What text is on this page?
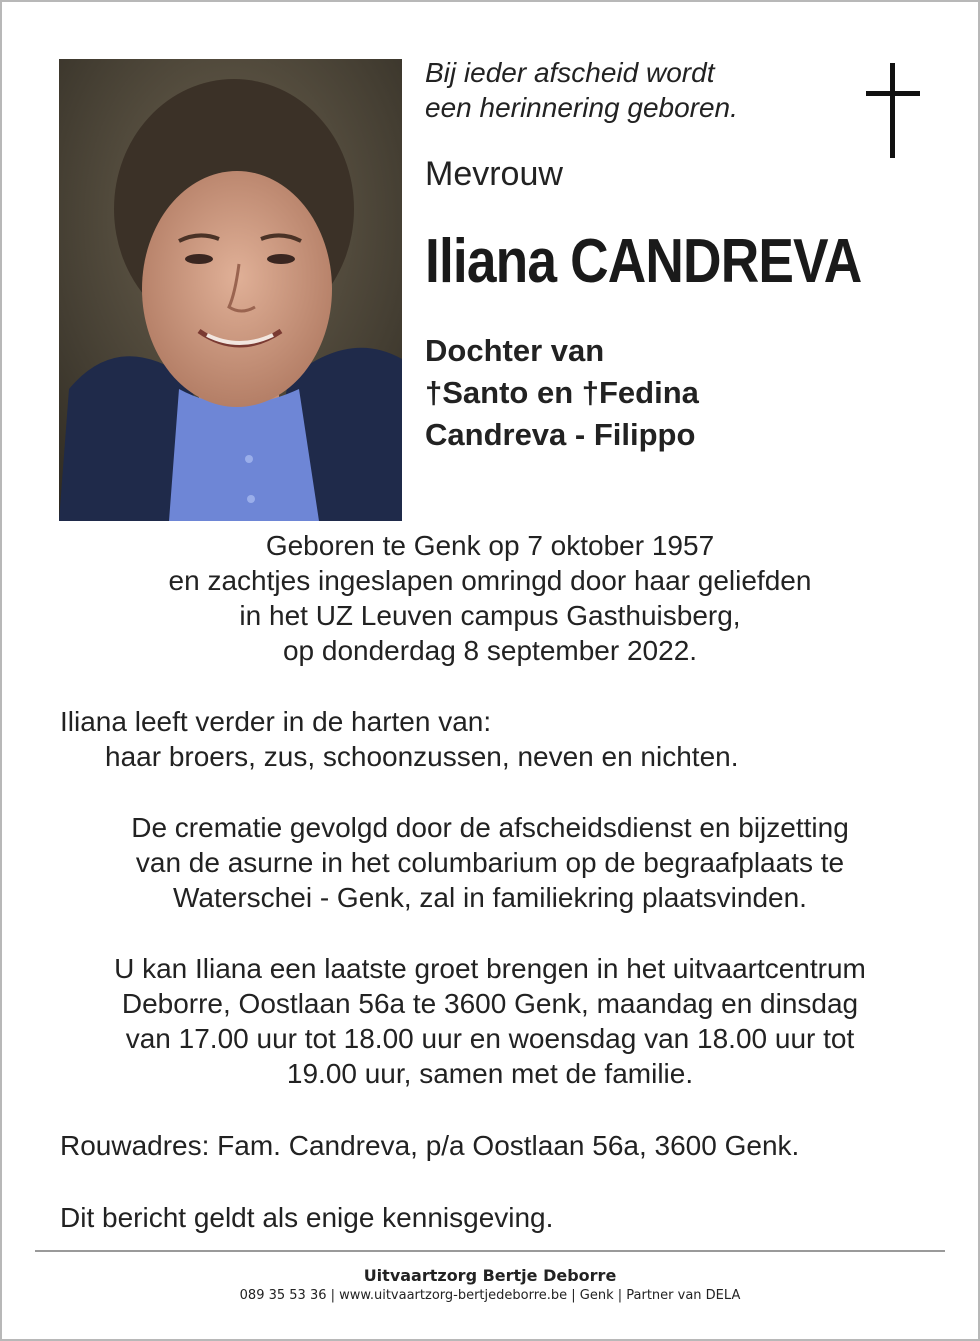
Bij ieder afscheid wordt
een herinnering geboren.
Mevrouw
Iliana CANDREVA
Dochter van
†Santo en †Fedina
Candreva - Filippo
Geboren te Genk op 7 oktober 1957
en zachtjes ingeslapen omringd door haar geliefden
in het UZ Leuven campus Gasthuisberg,
op donderdag 8 september 2022.
Iliana leeft verder in de harten van:
haar broers, zus, schoonzussen, neven en nichten.
De crematie gevolgd door de afscheidsdienst en bijzetting
van de asurne in het columbarium op de begraafplaats te
Waterschei - Genk, zal in familiekring plaatsvinden.
U kan Iliana een laatste groet brengen in het uitvaartcentrum
Deborre, Oostlaan 56a te 3600 Genk, maandag en dinsdag
van 17.00 uur tot 18.00 uur en woensdag van 18.00 uur tot
19.00 uur, samen met de familie.
Rouwadres: Fam. Candreva, p/a Oostlaan 56a, 3600 Genk.
Dit bericht geldt als enige kennisgeving.
Uitvaartzorg Bertje Deborre
089 35 53 36 | www.uitvaartzorg-bertjedeborre.be | Genk | Partner van DELA
